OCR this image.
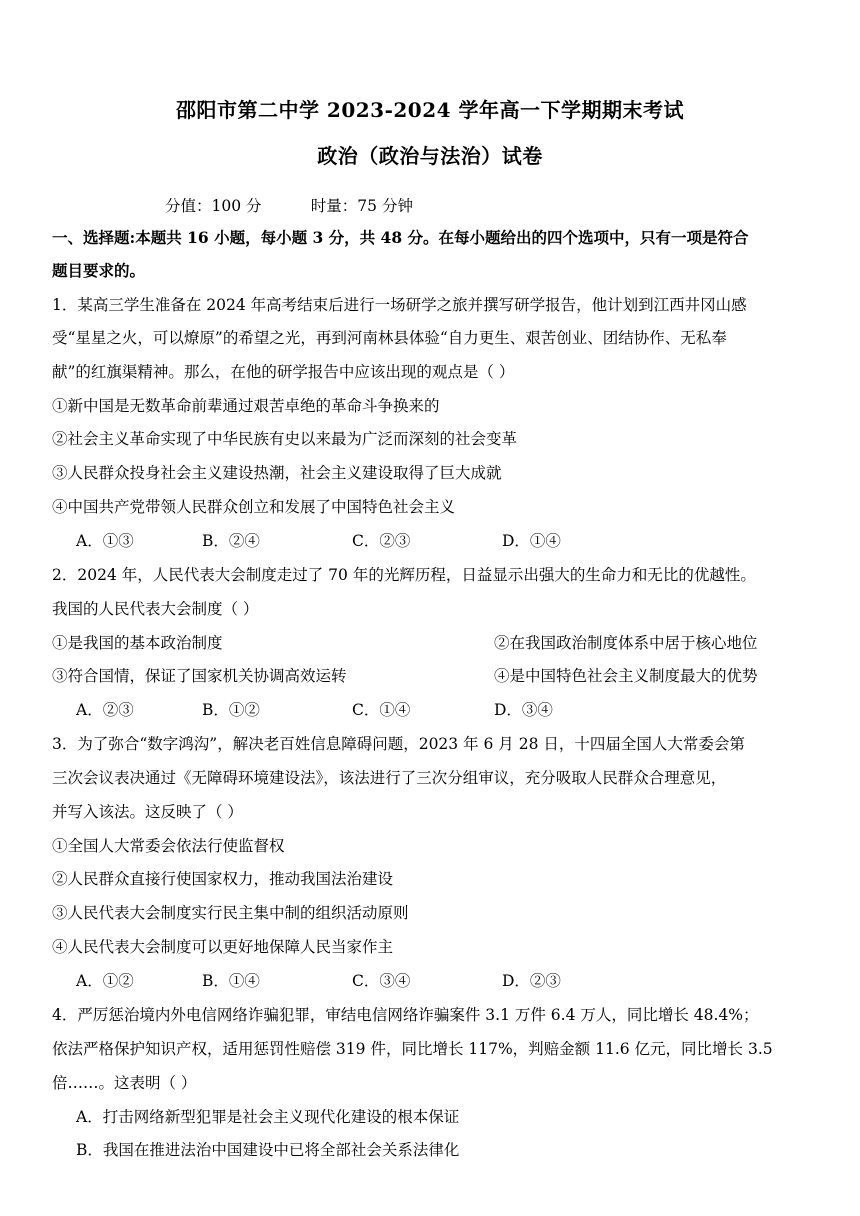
邵阳市第二中学 2023-2024 学年高一下学期期末考试
政治（政治与法治）试卷
分值：100 分	时量：75 分钟
一、选择题:本题共 16 小题，每小题 3 分，共 48 分。在每小题给出的四个选项中，只有一项是符合
题目要求的。
1．某高三学生准备在 2024 年高考结束后进行一场研学之旅并撰写研学报告，他计划到江西井冈山感
受“星星之火，可以燎原”的希望之光，再到河南林县体验“自力更生、艰苦创业、团结协作、无私奉
献”的红旗渠精神。那么，在他的研学报告中应该出现的观点是（ ）
①新中国是无数革命前辈通过艰苦卓绝的革命斗争换来的
②社会主义革命实现了中华民族有史以来最为广泛而深刻的社会变革
③人民群众投身社会主义建设热潮，社会主义建设取得了巨大成就
④中国共产党带领人民群众创立和发展了中国特色社会主义
A．①③	B．②④	C．②③	D．①④
2．2024 年，人民代表大会制度走过了 70 年的光辉历程，日益显示出强大的生命力和无比的优越性。
我国的人民代表大会制度（ ）
①是我国的基本政治制度	②在我国政治制度体系中居于核心地位
③符合国情，保证了国家机关协调高效运转	④是中国特色社会主义制度最大的优势
A．②③	B．①②	C．①④	D．③④
3．为了弥合“数字鸿沟”，解决老百姓信息障碍问题，2023 年 6 月 28 日，十四届全国人大常委会第
三次会议表决通过《无障碍环境建设法》，该法进行了三次分组审议，充分吸取人民群众合理意见，
并写入该法。这反映了（ ）
①全国人大常委会依法行使监督权
②人民群众直接行使国家权力，推动我国法治建设
③人民代表大会制度实行民主集中制的组织活动原则
④人民代表大会制度可以更好地保障人民当家作主
A．①②	B．①④	C．③④	D．②③
4．严厉惩治境内外电信网络诈骗犯罪，审结电信网络诈骗案件 3.1 万件 6.4 万人，同比增长 48.4%；
依法严格保护知识产权，适用惩罚性赔偿 319 件，同比增长 117%，判赔金额 11.6 亿元，同比增长 3.5
倍……。这表明（ ）
A．打击网络新型犯罪是社会主义现代化建设的根本保证
B．我国在推进法治中国建设中已将全部社会关系法律化
